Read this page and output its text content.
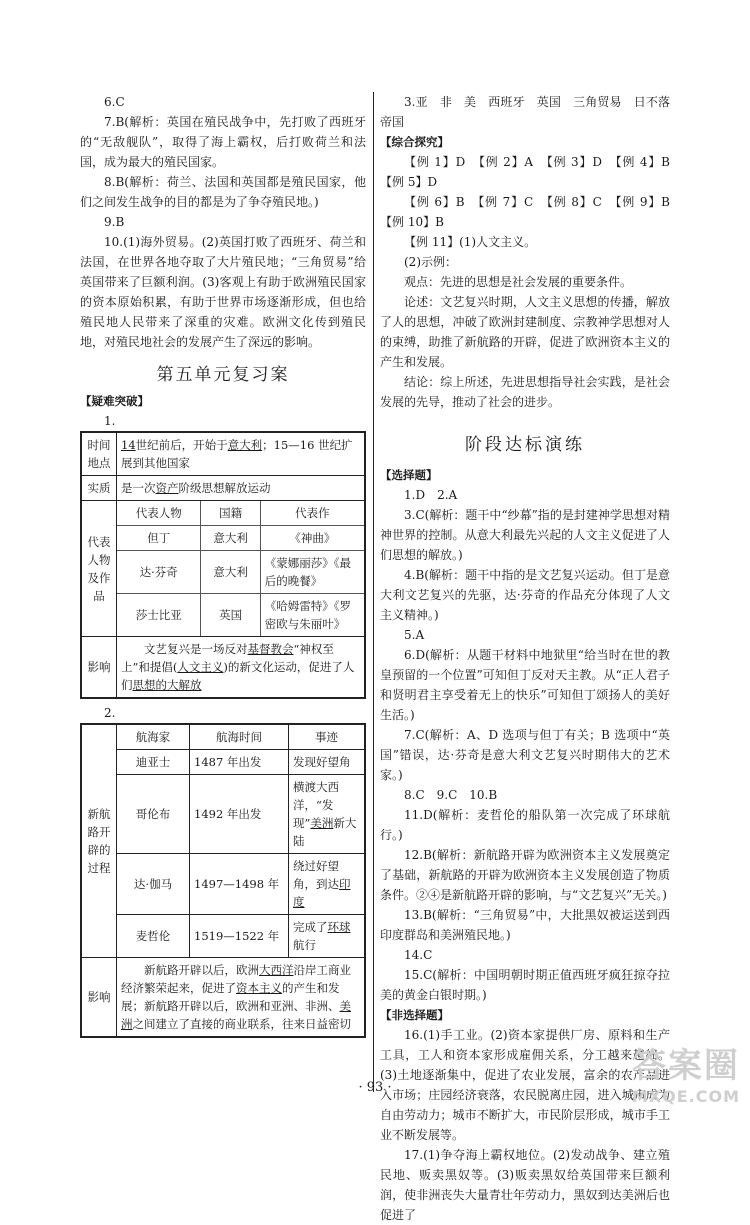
6.C

7.B(解析：英国在殖民战争中，先打败了西班牙的“无敌舰队”，取得了海上霸权，后打败荷兰和法国，成为最大的殖民国家。

8.B(解析：荷兰、法国和英国都是殖民国家，他们之间发生战争的目的都是为了争夺殖民地。)

9.B

10.(1)海外贸易。(2)英国打败了西班牙、荷兰和法国，在世界各地夺取了大片殖民地；“三角贸易”给英国带来了巨额利润。(3)客观上有助于欧洲殖民国家的资本原始积累，有助于世界市场逐渐形成，但也给殖民地人民带来了深重的灾难。欧洲文化传到殖民地，对殖民地社会的发展产生了深远的影响。

第五单元复习案
【疑难突破】

1.

时间地点	14世纪前后，开始于意大利；15—16 世纪扩展到其他国家
实质	是一次资产阶级思想解放运动
代表人物及作品	
代表人物	国籍	代表作
但丁	意大利	《神曲》
达·芬奇	意大利	《蒙娜丽莎》《最后的晚餐》
莎士比亚	英国	《哈姆雷特》《罗密欧与朱丽叶》

影响	文艺复兴是一场反对基督教会“神权至上”和提倡(人文主义)的新文化运动，促进了人们思想的大解放

2.

新航路开辟的过程	航海家	航海时间	事迹
	迪亚士	1487 年出发	发现好望角
	哥伦布	1492 年出发	横渡大西洋，“发现”美洲新大陆
	达·伽马	1497—1498 年	绕过好望角，到达印度
	麦哲伦	1519—1522 年	完成了环球航行

影响	新航路开辟以后，欧洲大西洋沿岸工商业经济繁荣起来，促进了资本主义的产生和发展；新航路开辟以后，欧洲和亚洲、非洲、美洲之间建立了直接的商业联系，往来日益密切		

3.亚　非　美　西班牙　英国　三角贸易　日不落帝国

【综合探究】

【例 1】D　【例 2】A　【例 3】D　【例 4】B　【例 5】D

【例 6】B　【例 7】C　【例 8】C　【例 9】B　【例 10】B

【例 11】(1)人文主义。

(2)示例：

观点：先进的思想是社会发展的重要条件。

论述：文艺复兴时期，人文主义思想的传播，解放了人的思想，冲破了欧洲封建制度、宗教神学思想对人的束缚，助推了新航路的开辟，促进了欧洲资本主义的产生和发展。

结论：综上所述，先进思想指导社会实践，是社会发展的先导，推动了社会的进步。

阶段达标演练
【选择题】

1.D　2.A

3.C(解析：题干中“纱幕”指的是封建神学思想对精神世界的控制。从意大利最先兴起的人文主义促进了人们思想的解放。)

4.B(解析：题干中指的是文艺复兴运动。但丁是意大利文艺复兴的先驱，达·芬奇的作品充分体现了人文主义精神。)

5.A

6.D(解析：从题干材料中地狱里“给当时在世的教皇预留的一个位置”可知但丁反对天主教。从“正人君子和贤明君主享受着无上的快乐”可知但丁颂扬人的美好生活。)

7.C(解析：A、D 选项与但丁有关；B 选项中“英国”错误，达·芬奇是意大利文艺复兴时期伟大的艺术家。)

8.C　9.C　10.B

11.D(解析：麦哲伦的船队第一次完成了环球航行。)

12.B(解析：新航路开辟为欧洲资本主义发展奠定了基础，新航路的开辟为欧洲资本主义发展创造了物质条件。②④是新航路开辟的影响，与“文艺复兴”无关。)

13.B(解析：“三角贸易”中，大批黑奴被运送到西印度群岛和美洲殖民地。)

14.C

15.C(解析：中国明朝时期正值西班牙疯狂掠夺拉美的黄金白银时期。)

【非选择题】

16.(1)手工业。(2)资本家提供厂房、原料和生产工具，工人和资本家形成雇佣关系，分工越来越细。(3)土地逐渐集中，促进了农业发展，富余的农产品进入市场；庄园经济衰落，农民脱离庄园，进入城市成为自由劳动力；城市不断扩大，市民阶层形成，城市手工业不断发展等。

17.(1)争夺海上霸权地位。(2)发动战争、建立殖民地、贩卖黑奴等。(3)贩卖黑奴给英国带来巨额利润，使非洲丧失大量青壮年劳动力，黑奴到达美洲后也促进了

· 93 ·
答案圈
MXQE.COM
